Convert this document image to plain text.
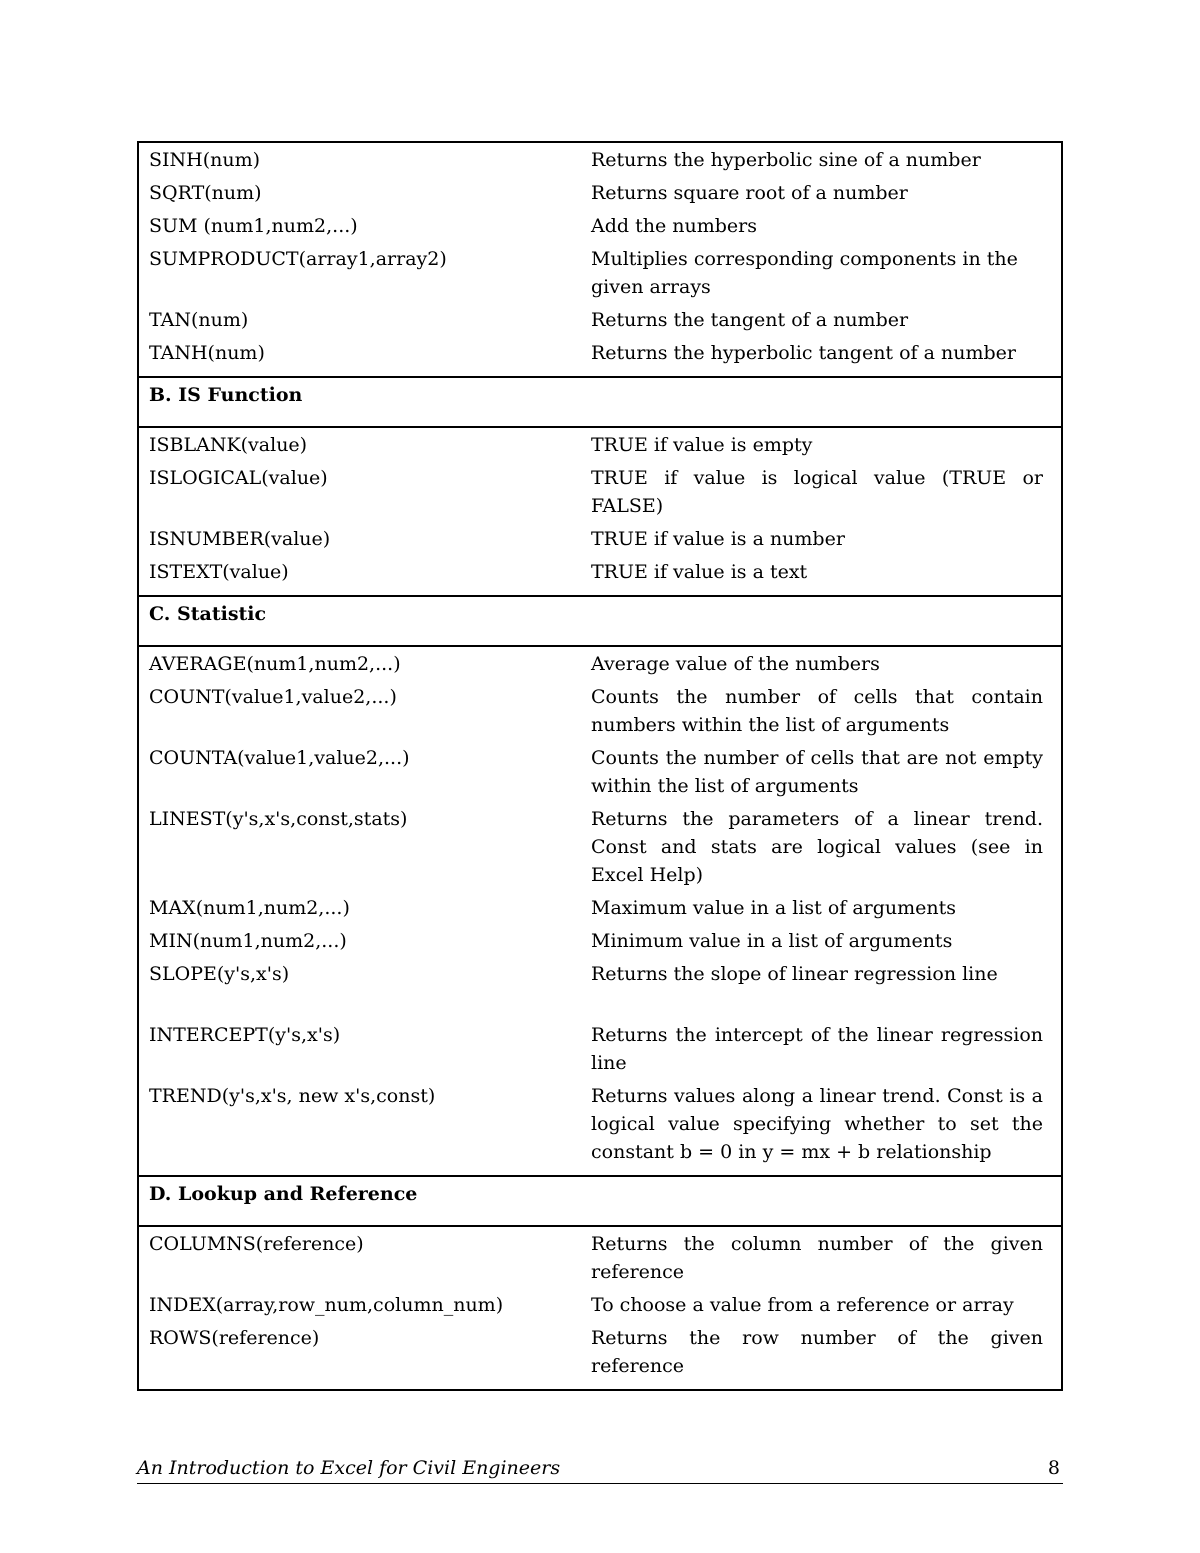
SINH(num)	Returns the hyperbolic sine of a number
SQRT(num)	Returns square root of a number
SUM (num1,num2,...)	Add the numbers
SUMPRODUCT(array1,array2)	Multiplies corresponding components in the given arrays
TAN(num)	Returns the tangent of a number
TANH(num)	Returns the hyperbolic tangent of a number
B. IS Function
ISBLANK(value)	TRUE if value is empty
ISLOGICAL(value)	TRUE if value is logical value (TRUE or FALSE)
ISNUMBER(value)	TRUE if value is a number
ISTEXT(value)	TRUE if value is a text
C. Statistic
AVERAGE(num1,num2,...)	Average value of the numbers
COUNT(value1,value2,...)	Counts the number of cells that contain numbers within the list of arguments
COUNTA(value1,value2,...)	Counts the number of cells that are not empty within the list of arguments
LINEST(y's,x's,const,stats)	Returns the parameters of a linear trend. Const and stats are logical values (see in Excel Help)
MAX(num1,num2,...)	Maximum value in a list of arguments
MIN(num1,num2,...)	Minimum value in a list of arguments
SLOPE(y's,x's)	Returns the slope of linear regression line
INTERCEPT(y's,x's)	Returns the intercept of the linear regression line
TREND(y's,x's, new x's,const)	Returns values along a linear trend. Const is a logical value specifying whether to set the constant b = 0 in y = mx + b relationship
D. Lookup and Reference
COLUMNS(reference)	Returns the column number of the given reference
INDEX(array,row_num,column_num)	To choose a value from a reference or array
ROWS(reference)	Returns the row number of the given reference
An Introduction to Excel for Civil Engineers	8
